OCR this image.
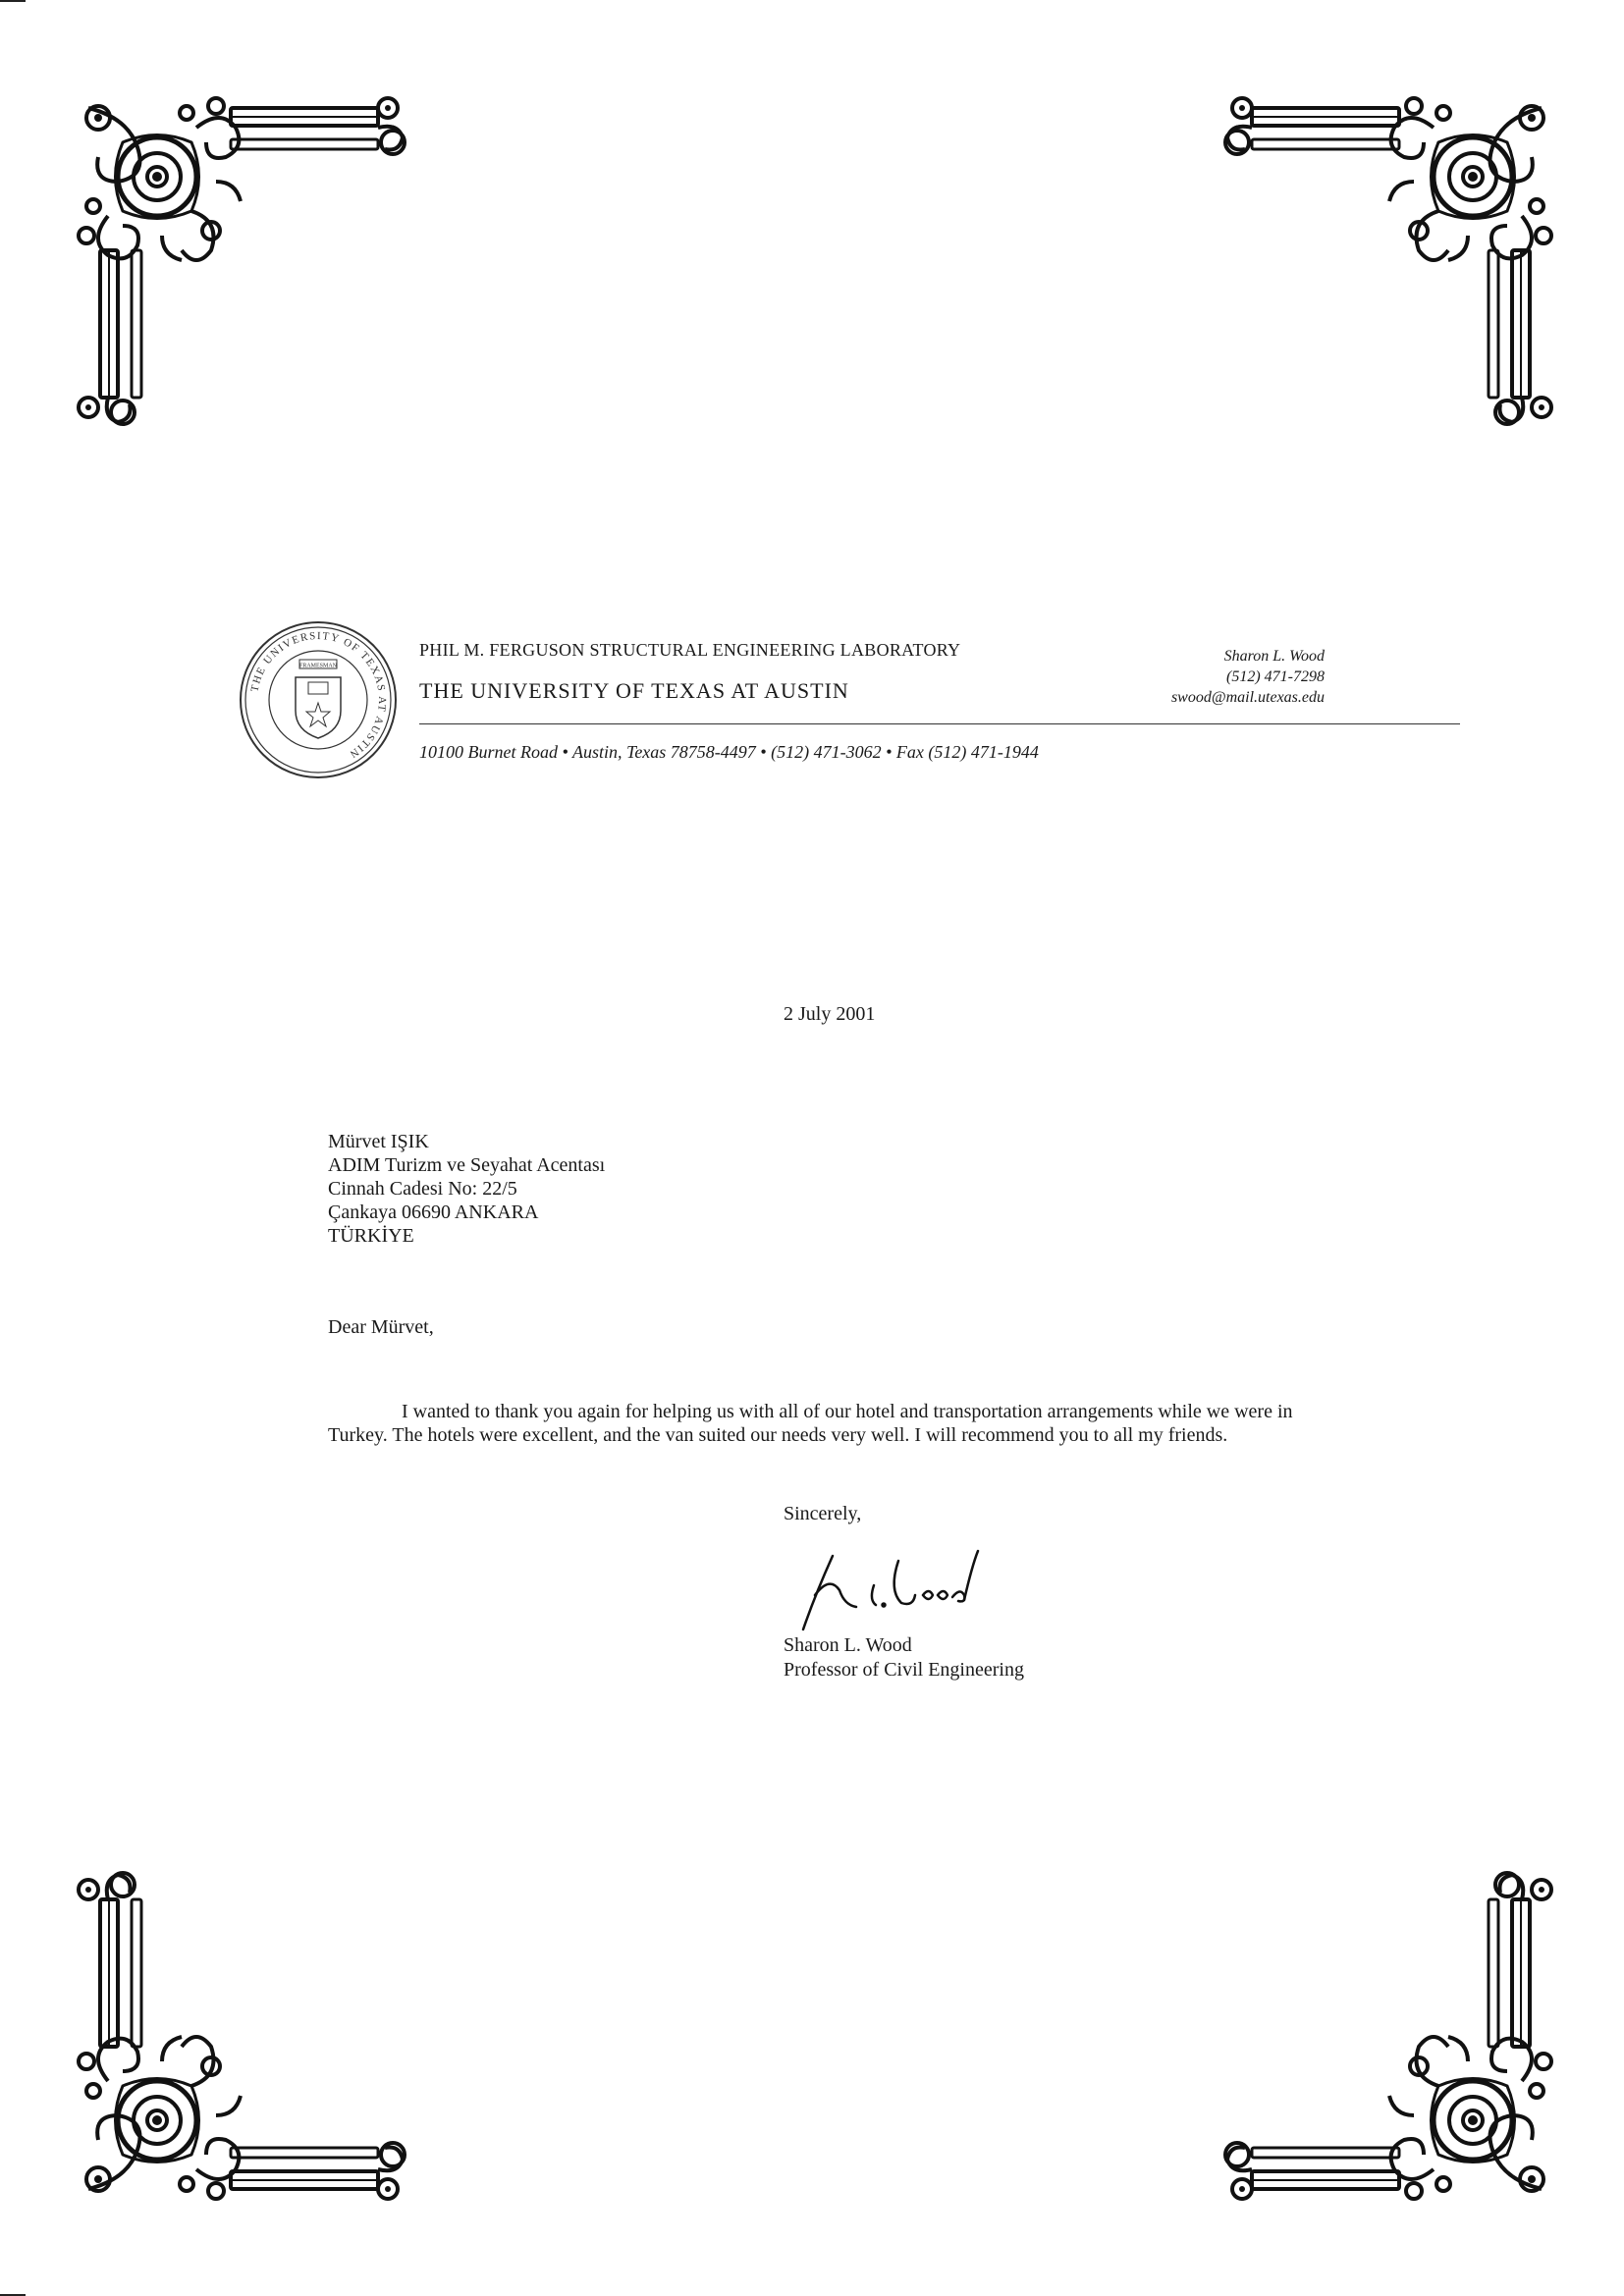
THE UNIVERSITY OF TEXAS AT AUSTIN
FRAMESMAN
PHIL M. FERGUSON STRUCTURAL ENGINEERING LABORATORY
THE UNIVERSITY OF TEXAS AT AUSTIN
10100 Burnet Road • Austin, Texas 78758-4497 • (512) 471-3062 • Fax (512) 471-1944
Sharon L. Wood
(512) 471-7298
swood@mail.utexas.edu
2 July 2001
Mürvet IŞIK
ADIM Turizm ve Seyahat Acentası
Cinnah Cadesi No: 22/5
Çankaya 06690 ANKARA
TÜRKİYE
Dear Mürvet,

I wanted to thank you again for helping us with all of our hotel and transportation arrangements while we were in Turkey. The hotels were excellent, and the van suited our needs very well. I will recommend you to all my friends.

Sincerely,
Sharon L. Wood
Professor of Civil Engineering
